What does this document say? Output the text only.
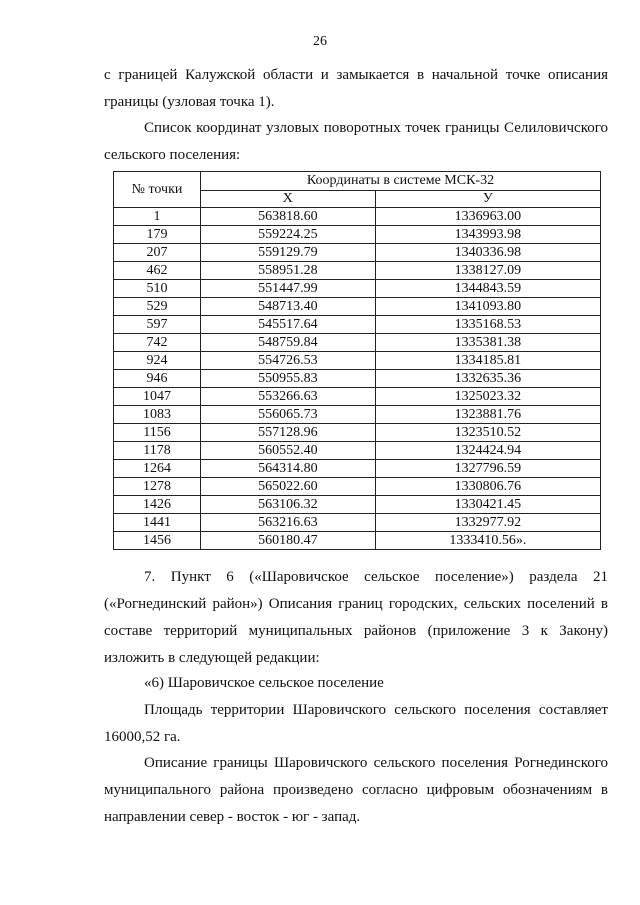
26
с границей Калужской области и замыкается в начальной точке описания
границы (узловая точка 1).
Список координат узловых поворотных точек границы Селиловичского
сельского поселения:
№ точки	Координаты в системе МСК-32	
	X	У
1	563818.60	1336963.00
179	559224.25	1343993.98
207	559129.79	1340336.98
462	558951.28	1338127.09
510	551447.99	1344843.59
529	548713.40	1341093.80
597	545517.64	1335168.53
742	548759.84	1335381.38
924	554726.53	1334185.81
946	550955.83	1332635.36
1047	553266.63	1325023.32
1083	556065.73	1323881.76
1156	557128.96	1323510.52
1178	560552.40	1324424.94
1264	564314.80	1327796.59
1278	565022.60	1330806.76
1426	563106.32	1330421.45
1441	563216.63	1332977.92
1456	560180.47	1333410.56».
7. Пункт 6 («Шаровичское сельское поселение») раздела 21
(«Рогнединский район») Описания границ городских, сельских поселений в
составе территорий муниципальных районов (приложение 3 к Закону)
изложить в следующей редакции:
«6) Шаровичское сельское поселение
Площадь территории Шаровичского сельского поселения составляет
16000,52 га.
Описание границы Шаровичского сельского поселения Рогнединского
муниципального района произведено согласно цифровым обозначениям в
направлении север - восток - юг - запад.
